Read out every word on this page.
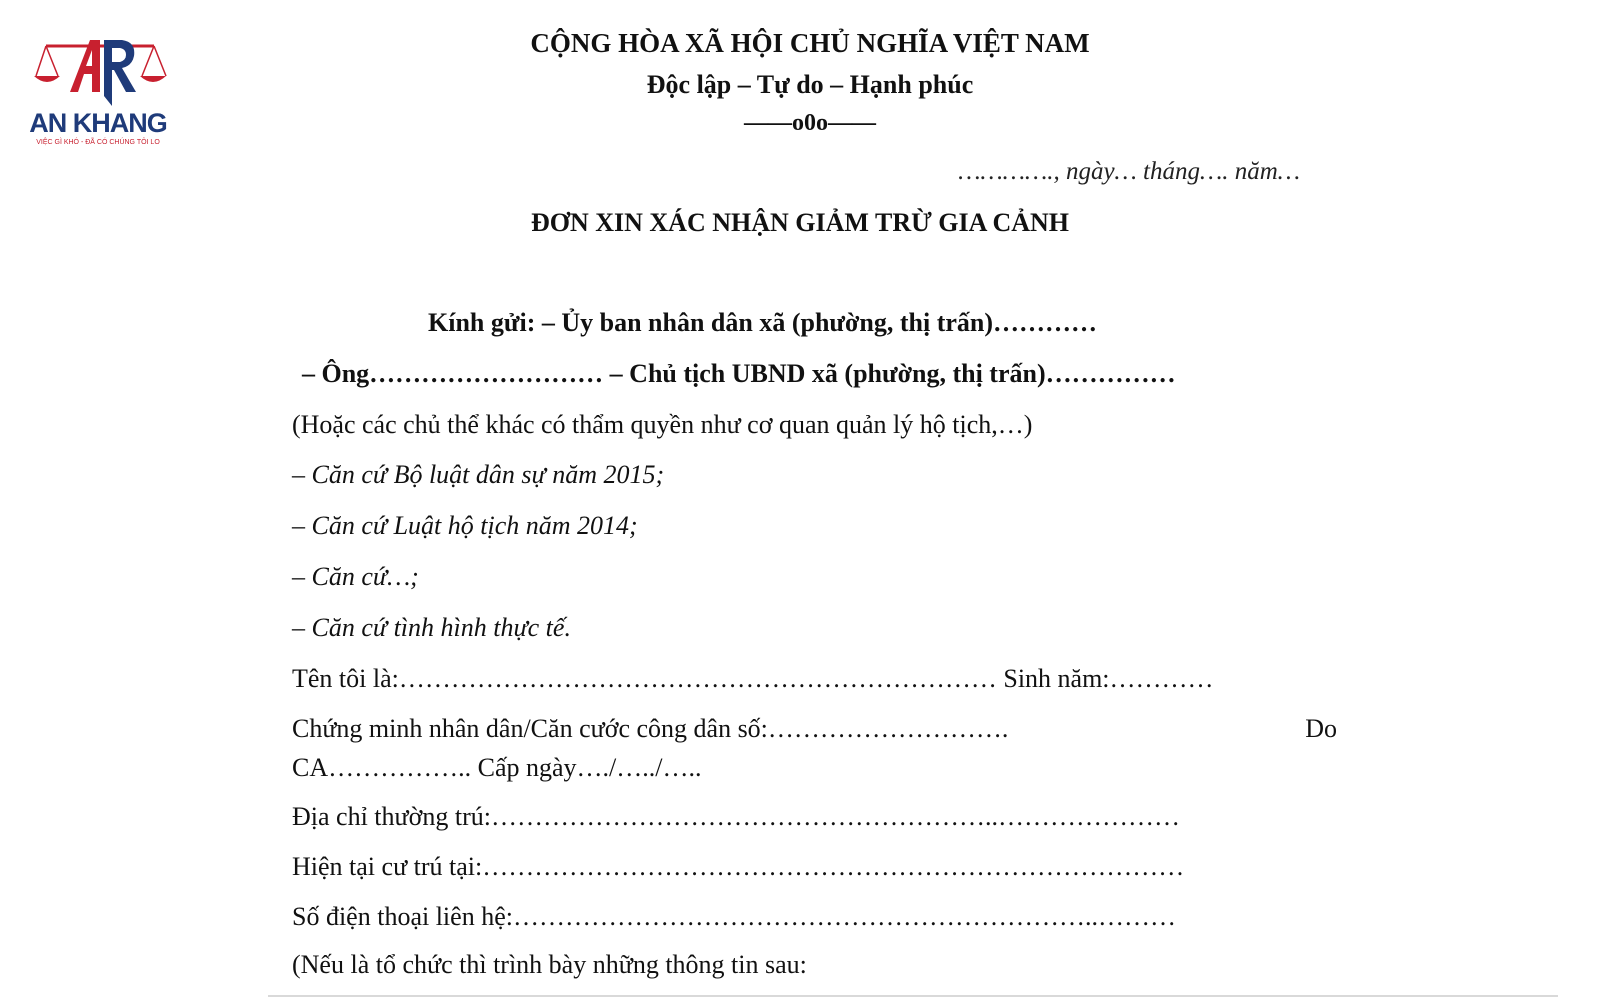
AN KHANG
VIỆC GÌ KHÓ - ĐÃ CÓ CHÚNG TÔI LO
CỘNG HÒA XÃ HỘI CHỦ NGHĨA VIỆT NAM
Độc lập – Tự do – Hạnh phúc
——o0o——
…………., ngày… tháng…. năm…
ĐƠN XIN XÁC NHẬN GIẢM TRỪ GIA CẢNH
Kính gửi: – Ủy ban nhân dân xã (phường, thị trấn)…………
– Ông……………………… – Chủ tịch UBND xã (phường, thị trấn)……………
(Hoặc các chủ thể khác có thẩm quyền như cơ quan quản lý hộ tịch,…)
– Căn cứ Bộ luật dân sự năm 2015;
– Căn cứ Luật hộ tịch năm 2014;
– Căn cứ…;
– Căn cứ tình hình thực tế.
Tên tôi là:…………………………………………………………… Sinh năm:…………
Chứng minh nhân dân/Căn cước công dân số:……………………….	Do
CA…………….. Cấp ngày…./…../…..
Địa chỉ thường trú:…………………………………………………..…………………
Hiện tại cư trú tại:………………………………………………………………………
Số điện thoại liên hệ:…………………………………………………………..………
(Nếu là tổ chức thì trình bày những thông tin sau:
